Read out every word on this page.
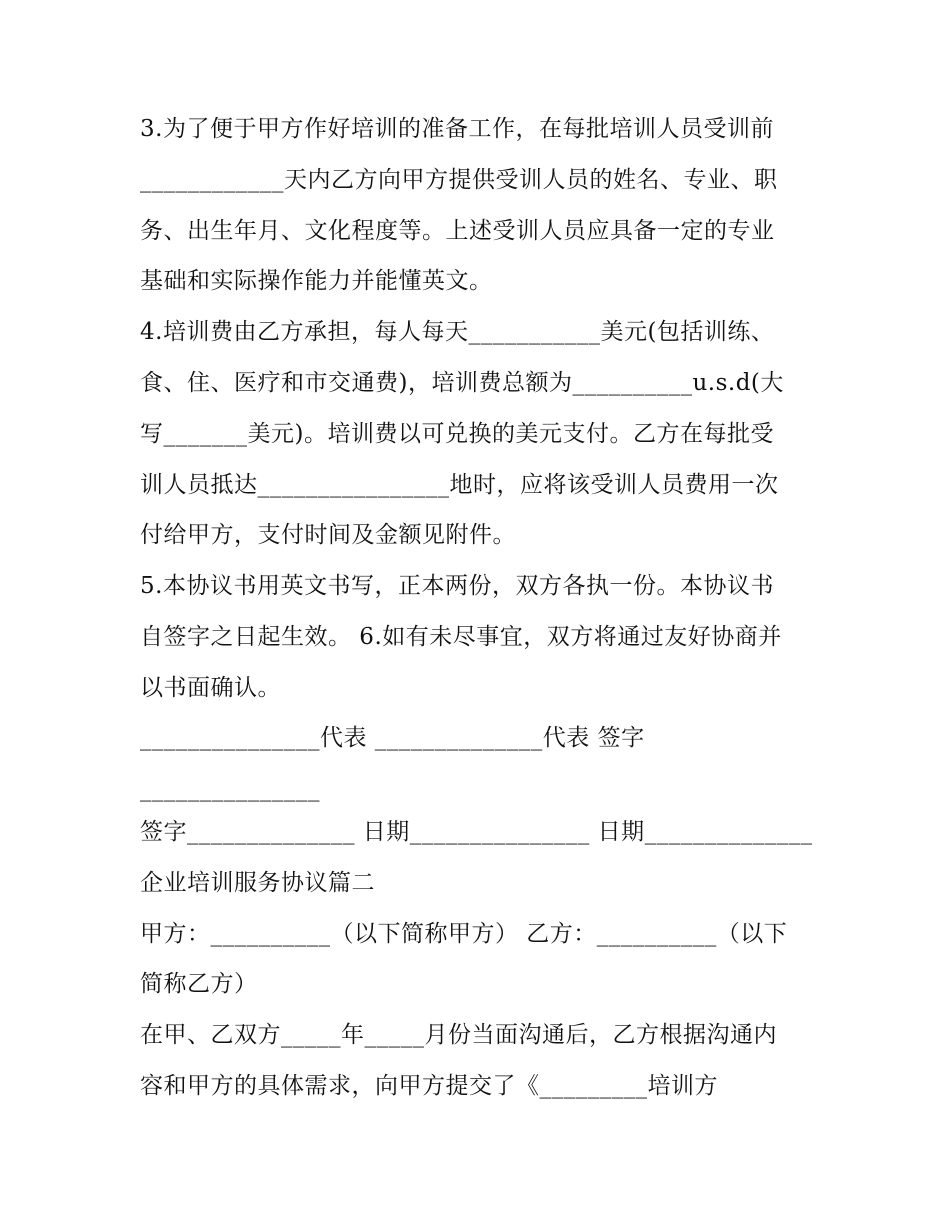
3.为了便于甲方作好培训的准备工作，在每批培训人员受训前
____________天内乙方向甲方提供受训人员的姓名、专业、职
务、出生年月、文化程度等。上述受训人员应具备一定的专业
基础和实际操作能力并能懂英文。
4.培训费由乙方承担，每人每天___________美元(包括训练、
食、住、医疗和市交通费)，培训费总额为__________u.s.d(大
写_______美元)。培训费以可兑换的美元支付。乙方在每批受
训人员抵达________________地时，应将该受训人员费用一次
付给甲方，支付时间及金额见附件。
5.本协议书用英文书写，正本两份，双方各执一份。本协议书
自签字之日起生效。 6.如有未尽事宜，双方将通过友好协商并
以书面确认。
_______________代表 ______________代表 签字
_______________
签字______________ 日期_______________ 日期______________
企业培训服务协议篇二
甲方：__________（以下简称甲方） 乙方：__________（以下
简称乙方）
在甲、乙双方_____年_____月份当面沟通后，乙方根据沟通内
容和甲方的具体需求，向甲方提交了《_________培训方
